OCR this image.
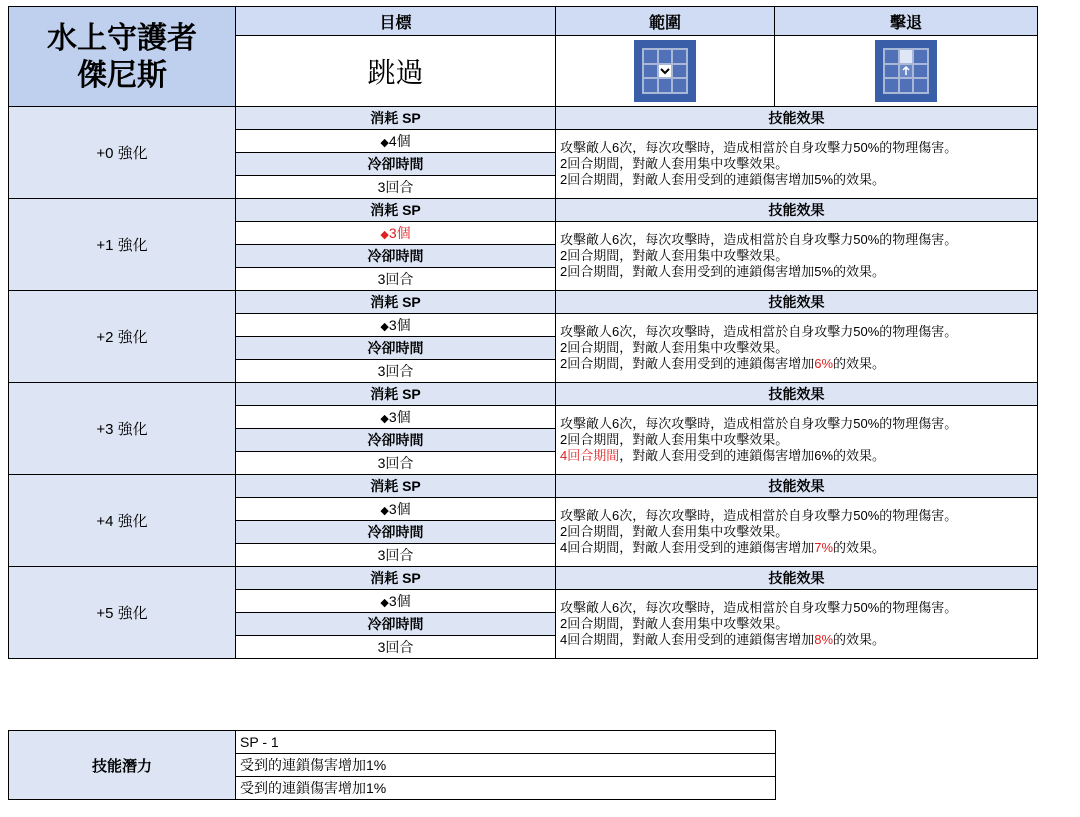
水上守護者
傑尼斯	目標	範圍	擊退
	跳過		
+0 強化	消耗 SP	技能效果	
	◆4個	攻擊敵人6次，每次攻擊時，造成相當於自身攻擊力50%的物理傷害。
2回合期間，對敵人套用集中攻擊效果。
2回合期間，對敵人套用受到的連鎖傷害增加5%的效果。	

	冷卻時間		
	3回合		
+1 強化	消耗 SP	技能效果	
	◆3個	攻擊敵人6次，每次攻擊時，造成相當於自身攻擊力50%的物理傷害。
2回合期間，對敵人套用集中攻擊效果。
2回合期間，對敵人套用受到的連鎖傷害增加5%的效果。	

	冷卻時間		
	3回合		
+2 強化	消耗 SP	技能效果	
	◆3個	攻擊敵人6次，每次攻擊時，造成相當於自身攻擊力50%的物理傷害。
2回合期間，對敵人套用集中攻擊效果。
2回合期間，對敵人套用受到的連鎖傷害增加6%的效果。	

	冷卻時間		
	3回合		
+3 強化	消耗 SP	技能效果	
	◆3個	攻擊敵人6次，每次攻擊時，造成相當於自身攻擊力50%的物理傷害。
2回合期間，對敵人套用集中攻擊效果。
4回合期間，對敵人套用受到的連鎖傷害增加6%的效果。	

	冷卻時間		
	3回合		
+4 強化	消耗 SP	技能效果	
	◆3個	攻擊敵人6次，每次攻擊時，造成相當於自身攻擊力50%的物理傷害。
2回合期間，對敵人套用集中攻擊效果。
4回合期間，對敵人套用受到的連鎖傷害增加7%的效果。	

	冷卻時間		
	3回合		
+5 強化	消耗 SP	技能效果	
	◆3個	攻擊敵人6次，每次攻擊時，造成相當於自身攻擊力50%的物理傷害。
2回合期間，對敵人套用集中攻擊效果。
4回合期間，對敵人套用受到的連鎖傷害增加8%的效果。	

	冷卻時間		
	3回合		
技能潛力	SP - 1
受到的連鎖傷害增加1%
受到的連鎖傷害增加1%
